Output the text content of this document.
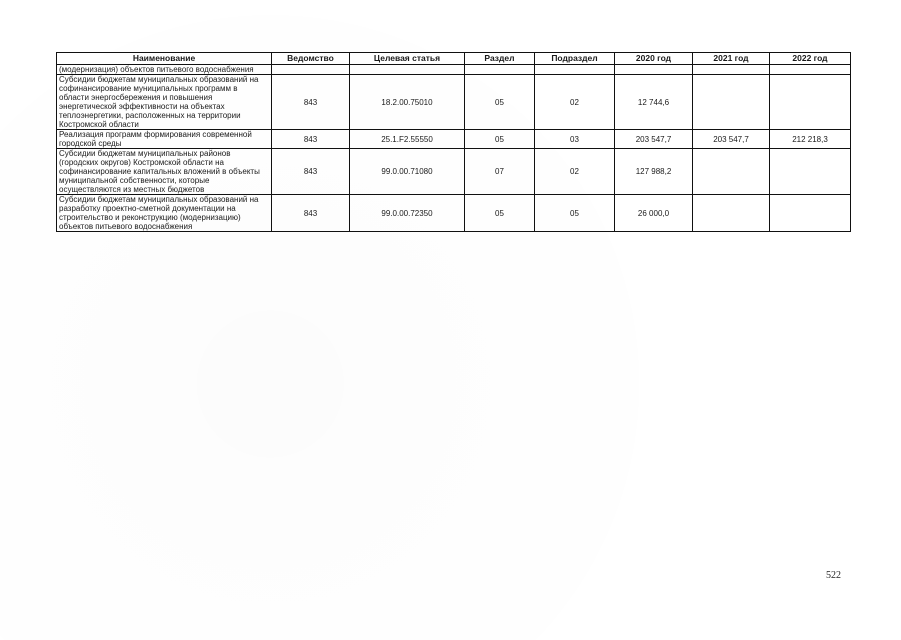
Наименование	Ведомство	Целевая статья	Раздел	Подраздел	2020 год	2021 год	2022 год
(модернизация) объектов питьевого водоснабжения							
Субсидии бюджетам муниципальных образований на софинансирование муниципальных программ в области энергосбережения и повышения энергетической эффективности на объектах теплоэнергетики, расположенных на территории Костромской области	843	18.2.00.75010	05	02	12 744,6		
Реализация программ формирования современной городской среды	843	25.1.F2.55550	05	03	203 547,7	203 547,7	212 218,3
Субсидии бюджетам муниципальных районов (городских округов) Костромской области на софинансирование капитальных вложений в объекты муниципальной собственности, которые осуществляются из местных бюджетов	843	99.0.00.71080	07	02	127 988,2		
Субсидии бюджетам муниципальных образований на разработку проектно-сметной документации на строительство и реконструкцию (модернизацию) объектов питьевого водоснабжения	843	99.0.00.72350	05	05	26 000,0		
522
